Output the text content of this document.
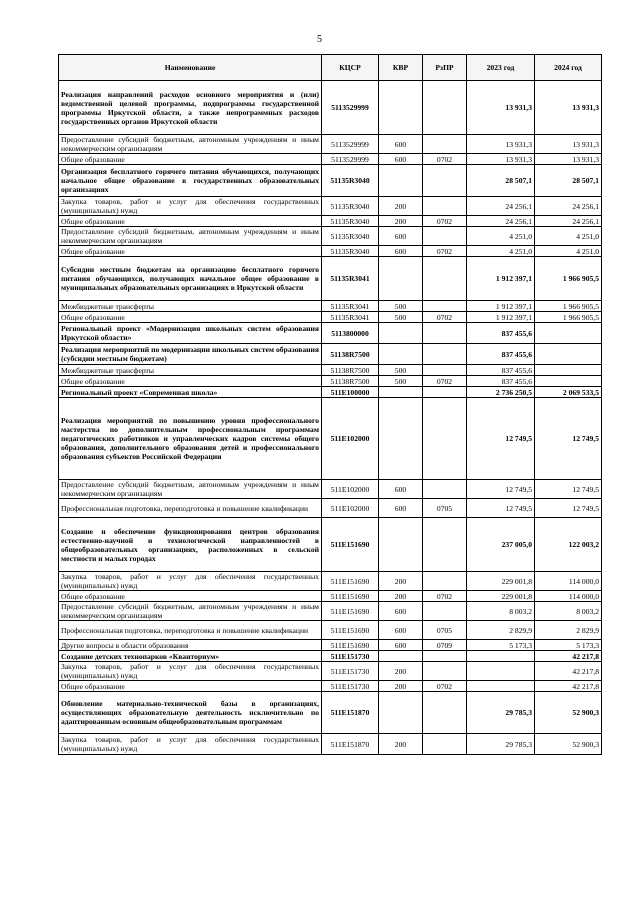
5
Наименование	КЦСР	КВР	РзПР	2023 год	2024 год
Реализация направлений расходов основного мероприятия и (или) ведомственной целевой программы, подпрограммы государственной программы Иркутской области, а также непрограммных расходов государственных органов Иркутской области	5113529999			13 931,3	13 931,3
Предоставление субсидий бюджетным, автономным учреждениям и иным некоммерческим организациям	5113529999	600		13 931,3	13 931,3
Общее образование	5113529999	600	0702	13 931,3	13 931,3
Организация бесплатного горячего питания обучающихся, получающих начальное общее образование в государственных образовательных организациях	51135R3040			28 507,1	28 507,1
Закупка товаров, работ и услуг для обеспечения государственных (муниципальных) нужд	51135R3040	200		24 256,1	24 256,1
Общее образование	51135R3040	200	0702	24 256,1	24 256,1
Предоставление субсидий бюджетным, автономным учреждениям и иным некоммерческим организациям	51135R3040	600		4 251,0	4 251,0
Общее образование	51135R3040	600	0702	4 251,0	4 251,0
Субсидии местным бюджетам на организацию бесплатного горячего питания обучающихся, получающих начальное общее образование в муниципальных образовательных организациях в Иркутской области	51135R3041			1 912 397,1	1 966 905,5
Межбюджетные трансферты	51135R3041	500		1 912 397,1	1 966 905,5
Общее образование	51135R3041	500	0702	1 912 397,1	1 966 905,5
Региональный проект «Модернизация школьных систем образования Иркутской области»	5113800000			837 455,6	
Реализация мероприятий по модернизации школьных систем образования (субсидии местным бюджетам)	51138R7500			837 455,6	
Межбюджетные трансферты	51138R7500	500		837 455,6	
Общее образование	51138R7500	500	0702	837 455,6	
Региональный проект «Современная школа»	511Е100000			2 736 250,5	2 069 533,5
Реализация мероприятий по повышению уровня профессионального мастерства по дополнительным профессиональным программам педагогических работников и управленческих кадров системы общего образования, дополнительного образования детей и профессионального образования субъектов Российской Федерации	511Е102000			12 749,5	12 749,5
Предоставление субсидий бюджетным, автономным учреждениям и иным некоммерческим организациям	511Е102000	600		12 749,5	12 749,5
Профессиональная подготовка, переподготовка и повышение квалификации	511Е102000	600	0705	12 749,5	12 749,5
Создание и обеспечение функционирования центров образования естественно-научной и технологической направленностей в общеобразовательных организациях, расположенных в сельской местности и малых городах	511Е151690			237 005,0	122 003,2
Закупка товаров, работ и услуг для обеспечения государственных (муниципальных) нужд	511Е151690	200		229 001,8	114 000,0
Общее образование	511Е151690	200	0702	229 001,8	114 000,0
Предоставление субсидий бюджетным, автономным учреждениям и иным некоммерческим организациям	511Е151690	600		8 003,2	8 003,2
Профессиональная подготовка, переподготовка и повышение квалификации	511Е151690	600	0705	2 829,9	2 829,9
Другие вопросы в области образования	511Е151690	600	0709	5 173,3	5 173,3
Создание детских технопарков «Кванториум»	511Е151730				42 217,8
Закупка товаров, работ и услуг для обеспечения государственных (муниципальных) нужд	511Е151730	200			42 217,8
Общее образование	511Е151730	200	0702		42 217,8
Обновление материально-технической базы в организациях, осуществляющих образовательную деятельность исключительно по адаптированным основным общеобразовательным программам	511Е151870			29 785,3	52 900,3
Закупка товаров, работ и услуг для обеспечения государственных (муниципальных) нужд	511Е151870	200		29 785,3	52 900,3
